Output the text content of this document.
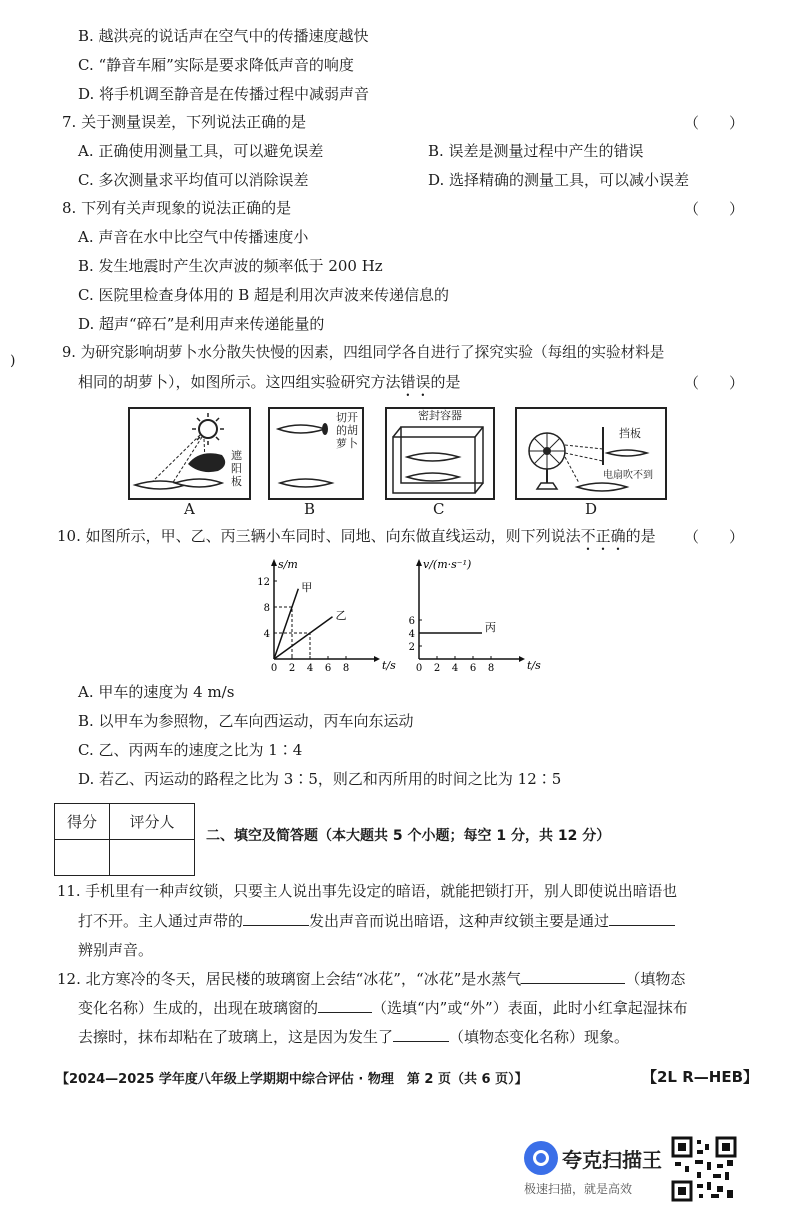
B. 越洪亮的说话声在空气中的传播速度越快
C. “静音车厢”实际是要求降低声音的响度
D. 将手机调至静音是在传播过程中减弱声音
7. 关于测量误差，下列说法正确的是	（　　）
A. 正确使用测量工具，可以避免误差	B. 误差是测量过程中产生的错误
C. 多次测量求平均值可以消除误差	D. 选择精确的测量工具，可以减小误差
8. 下列有关声现象的说法正确的是	（　　）
A. 声音在水中比空气中传播速度小
B. 发生地震时产生次声波的频率低于 200 Hz
C. 医院里检查身体用的 B 超是利用次声波来传递信息的
D. 超声“碎石”是利用声来传递能量的
9. 为研究影响胡萝卜水分散失快慢的因素，四组同学各自进行了探究实验（每组的实验材料是
相同的胡萝卜），如图所示。这四组实验研究方法错误的是	（　　）
遮阳板
A
切开的胡萝卜
B
密封容器
C
挡板
电扇吹不到
D
10. 如图所示，甲、乙、丙三辆小车同时、同地、向东做直线运动，则下列说法不正确的是 （　　）
0 2 4 6 8
4
8
12
t/s
s/m
甲
乙
0 2 4 6 8
2
4
6
t/s
v/(m·s⁻¹)
丙
A. 甲车的速度为 4 m/s
B. 以甲车为参照物，乙车向西运动，丙车向东运动
C. 乙、丙两车的速度之比为 1∶4
D. 若乙、丙运动的路程之比为 3∶5，则乙和丙所用的时间之比为 12∶5
得分	评分人

二、填空及简答题（本大题共 5 个小题；每空 1 分，共 12 分）
11. 手机里有一种声纹锁，只要主人说出事先设定的暗语，就能把锁打开，别人即使说出暗语也
打不开。主人通过声带的	发出声音而说出暗语，这种声纹锁主要是通过
辨别声音。
12. 北方寒冷的冬天，居民楼的玻璃窗上会结“冰花”，“冰花”是水蒸气	（填物态
变化名称）生成的，出现在玻璃窗的	（选填“内”或“外”）表面，此时小红拿起湿抹布
去擦时，抹布却粘在了玻璃上，这是因为发生了	（填物态变化名称）现象。
【2024—2025 学年度八年级上学期期中综合评估 · 物理　第 2 页（共 6 页）】	【2L R—HEB】
夸克扫描王
极速扫描，就是高效
)
